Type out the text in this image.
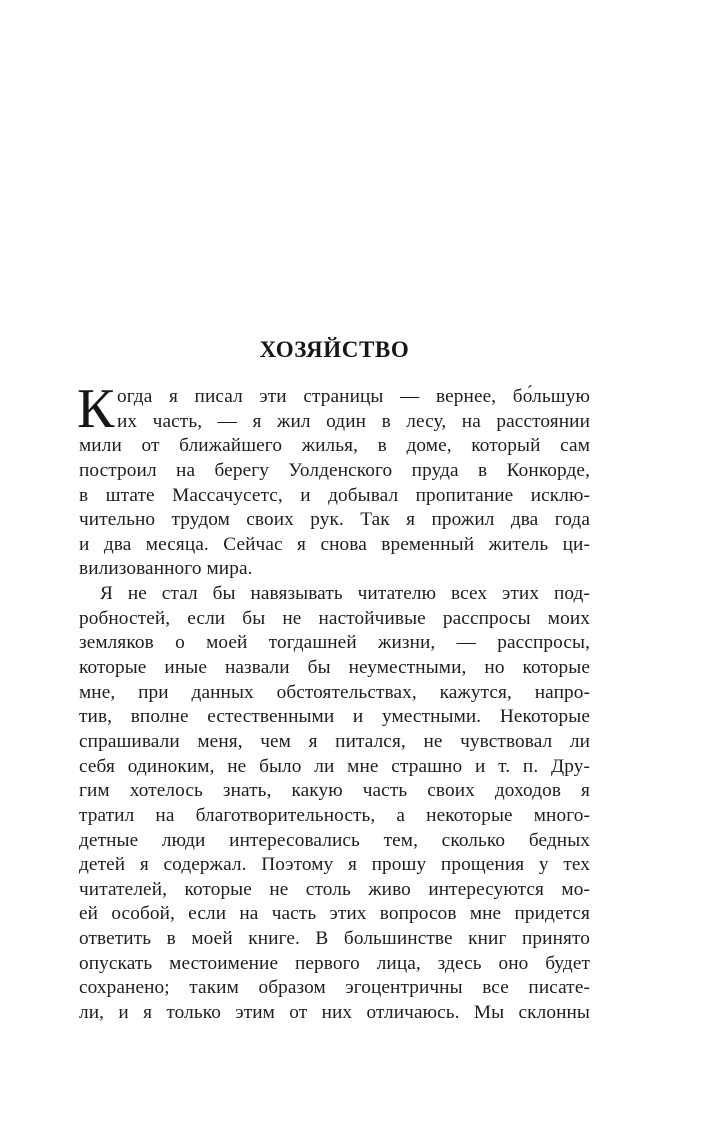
ХОЗЯЙСТВО
К огда я писал эти страницы — вернее, бо́льшую
их часть, — я жил один в лесу, на расстоянии
мили от ближайшего жилья, в доме, который сам
построил на берегу Уолденского пруда в Конкорде,
в штате Массачусетс, и добывал пропитание исклю-
чительно трудом своих рук. Так я прожил два года
и два месяца. Сейчас я снова временный житель ци-
вилизованного мира.
Я не стал бы навязывать читателю всех этих под-
робностей, если бы не настойчивые расспросы моих
земляков о моей тогдашней жизни, — расспросы,
которые иные назвали бы неуместными, но которые
мне, при данных обстоятельствах, кажутся, напро-
тив, вполне естественными и уместными. Некоторые
спрашивали меня, чем я питался, не чувствовал ли
себя одиноким, не было ли мне страшно и т. п. Дру-
гим хотелось знать, какую часть своих доходов я
тратил на благотворительность, а некоторые много-
детные люди интересовались тем, сколько бедных
детей я содержал. Поэтому я прошу прощения у тех
читателей, которые не столь живо интересуются мо-
ей особой, если на часть этих вопросов мне придется
ответить в моей книге. В большинстве книг принято
опускать местоимение первого лица, здесь оно будет
сохранено; таким образом эгоцентричны все писате-
ли, и я только этим от них отличаюсь. Мы склонны
